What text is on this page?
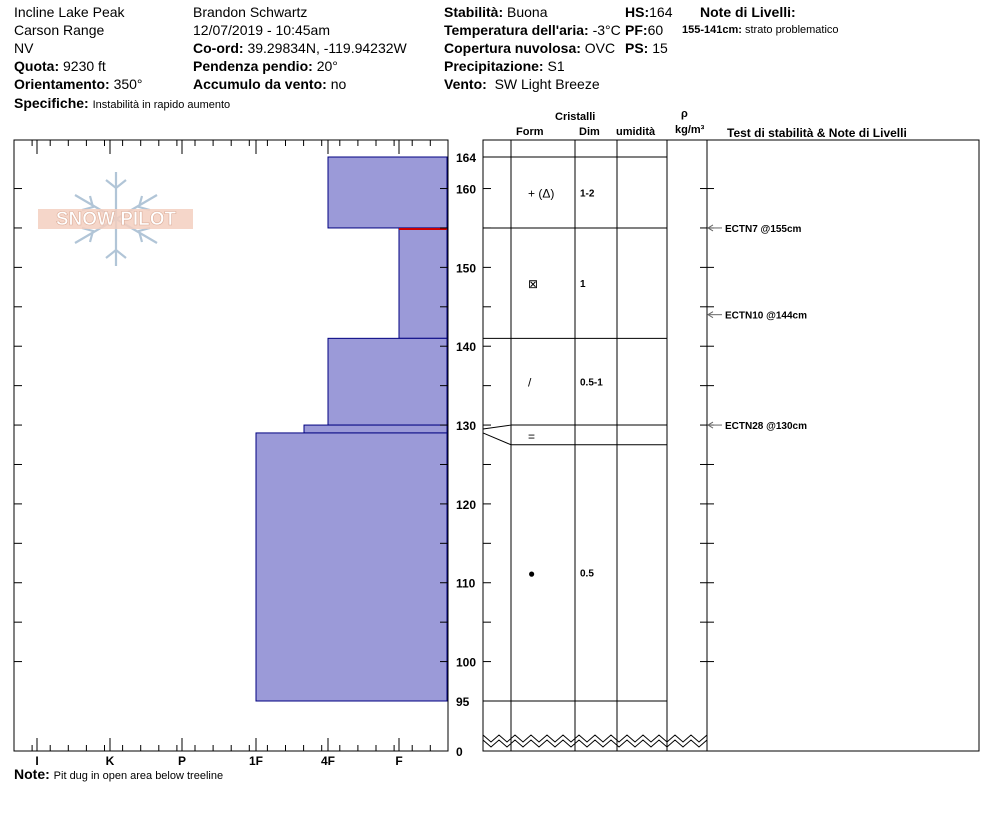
Incline Lake Peak
Carson Range
NV
Quota: 9230 ft
Orientamento: 350°
Specifiche: Instabilità in rapido aumento
Brandon Schwartz
12/07/2019 - 10:45am
Co-ord: 39.29834N, -119.94232W
Pendenza pendio: 20°
Accumulo da vento: no
Stabilità: Buona
Temperatura dell'aria: -3°C
Copertura nuvolosa: OVC
Precipitazione: S1
Vento: SW Light Breeze
HS:164
PF:60
PS: 15
Note di Livelli:
155-141cm: strato problematico
Cristalli
Form	Dim umidità
ρ
kg/m³ Test di stabilità & Note di Livelli
I	K	P	1F	4F	F
164
160
150
140
130
120
110
100
95
0
+ (Δ)	1-2
⊠	1
/	0.5-1
=
●	0.5
ECTN7 @155cm
ECTN10 @144cm
ECTN28 @130cm
SNOW PILOT
Note: Pit dug in open area below treeline
